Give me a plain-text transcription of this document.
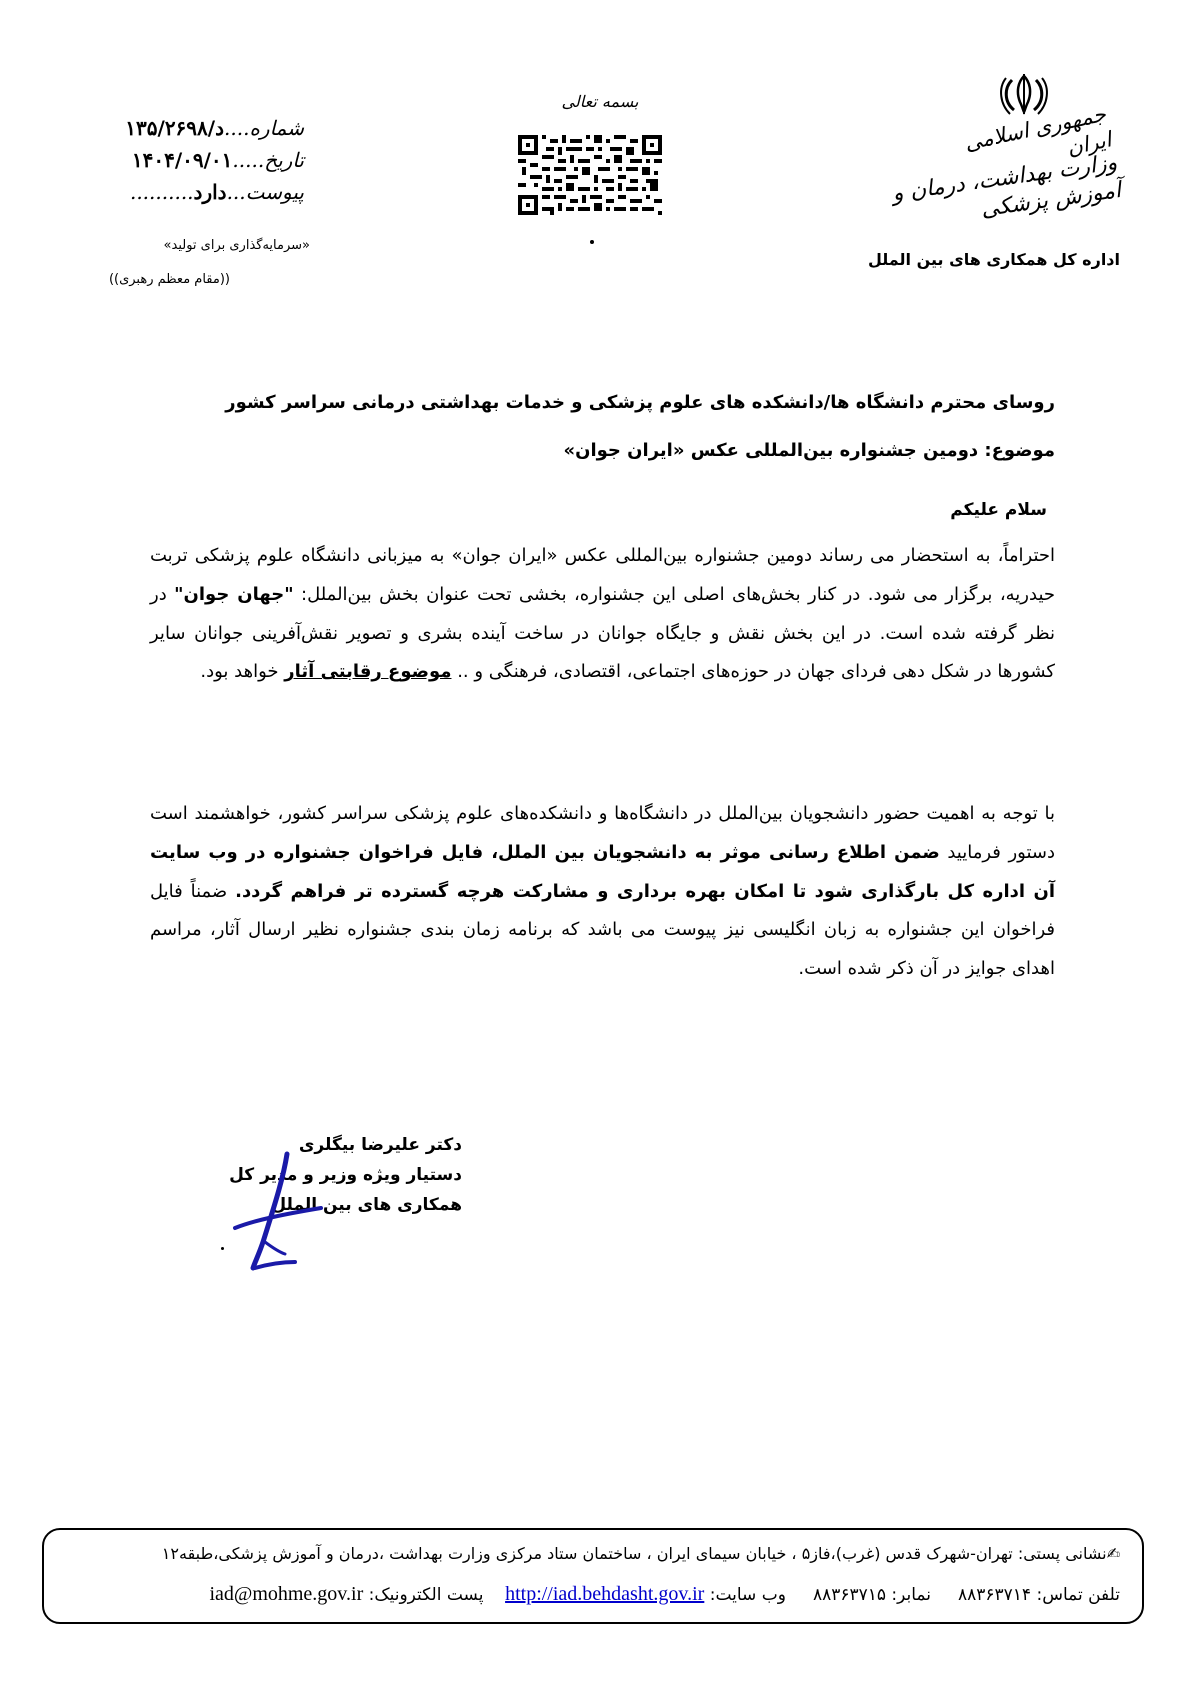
جمهوری اسلامی ایران
وزارت بهداشت، درمان و آموزش پزشکی
اداره کل همکاری های بین الملل
بسمه تعالی
شماره....د/۱۳۵/۲۶۹۸
تاریخ.....۱۴۰۴/۰۹/۰۱
پیوست...دارد..........
«سرمایه‌گذاری برای تولید»
((مقام معظم رهبری))
روسای محترم دانشگاه ها/دانشکده های علوم پزشکی و خدمات بهداشتی درمانی سراسر کشور
موضوع: دومین جشنواره بین‌المللی عکس «ایران جوان»
سلام علیکم
احتراماً، به استحضار می رساند دومین جشنواره بین‌المللی عکس «ایران جوان» به میزبانی دانشگاه علوم پزشکی تربت حیدریه، برگزار می شود. در کنار بخش‌های اصلی این جشنواره، بخشی تحت عنوان بخش بین‌الملل: "جهان جوان" در نظر گرفته شده است. در این بخش نقش و جایگاه جوانان در ساخت آینده بشری و تصویر نقش‌آفرینی جوانان سایر کشورها در شکل دهی فردای جهان در حوزه‌های اجتماعی، اقتصادی، فرهنگی و .. موضوع رقابتی آثار خواهد بود.
با توجه به اهمیت حضور دانشجویان بین‌الملل در دانشگاه‌ها و دانشکده‌های علوم پزشکی سراسر کشور، خواهشمند است دستور فرمایید ضمن اطلاع رسانی موثر به دانشجویان بین الملل، فایل فراخوان جشنواره در وب سایت آن اداره کل بارگذاری شود تا امکان بهره برداری و مشارکت هرچه گسترده تر فراهم گردد. ضمناً فایل فراخوان این جشنواره به زبان انگلیسی نیز پیوست می باشد که برنامه زمان بندی جشنواره نظیر ارسال آثار، مراسم اهدای جوایز در آن ذکر شده است.
دکتر علیرضا بیگلری
دستیار ویژه وزیر و مدیر کل
همکاری های بین الملل
✍نشانی پستی: تهران-شهرک قدس (غرب)،فاز۵ ، خیابان سیمای ایران ، ساختمان ستاد مرکزی وزارت بهداشت ،درمان و آموزش پزشکی،طبقه۱۲
تلفن تماس: ۸۸۳۶۳۷۱۴     نمابر: ۸۸۳۶۳۷۱۵     وب سایت: http://iad.behdasht.gov.ir    پست الکترونیک: iad@mohme.gov.ir
